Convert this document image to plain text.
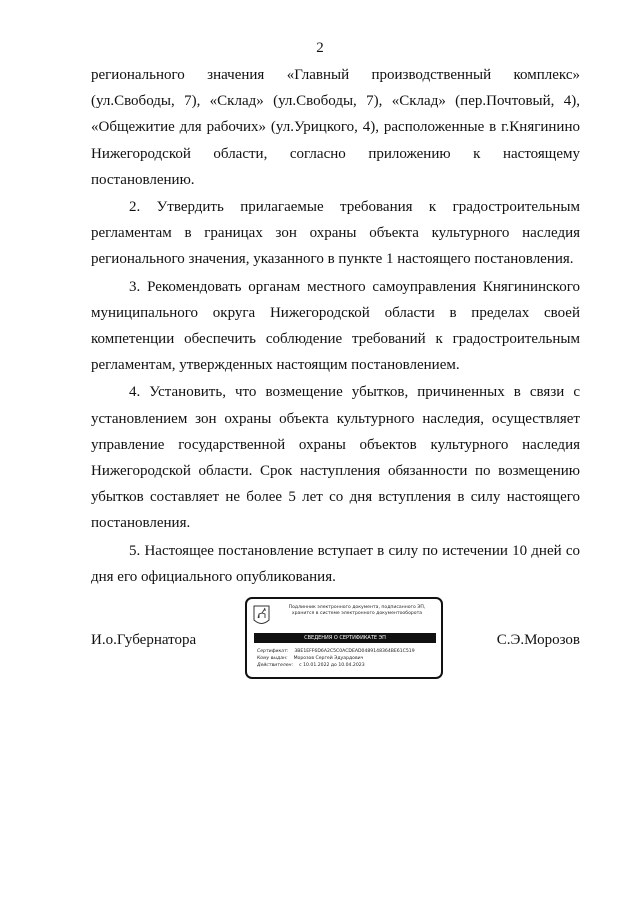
2

регионального значения «Главный производственный комплекс» (ул.Свободы, 7), «Склад» (ул.Свободы, 7), «Склад» (пер.Почтовый, 4), «Общежитие для рабочих» (ул.Урицкого, 4), расположенные в г.Княгинино Нижегородской области, согласно приложению к настоящему постановлению.

2. Утвердить прилагаемые требования к градостроительным регламентам в границах зон охраны объекта культурного наследия регионального значения, указанного в пункте 1 настоящего постановления.

3. Рекомендовать органам местного самоуправления Княгининского муниципального округа Нижегородской области в пределах своей компетенции обеспечить соблюдение требований к градостроительным регламентам, утвержденных настоящим постановлением.

4. Установить, что возмещение убытков, причиненных в связи с установлением зон охраны объекта культурного наследия, осуществляет управление государственной охраны объектов культурного наследия Нижегородской области. Срок наступления обязанности по возмещению убытков составляет не более 5 лет со дня вступления в силу настоящего постановления.

5. Настоящее постановление вступает в силу по истечении 10 дней со дня его официального опубликования.

И.о.Губернатора	С.Э.Морозов
Подлинник электронного документа, подписанного ЭП,
хранится в системе электронного документооборота
СВЕДЕНИЯ О СЕРТИФИКАТЕ ЭП
Сертификат: 3BE1EFF6D6A2C5C0ACDEAD0489148364BE61C519
Кому выдан: Морозов Сергей Эдуардович
Действителен: с 10.01.2022 до 10.04.2023
